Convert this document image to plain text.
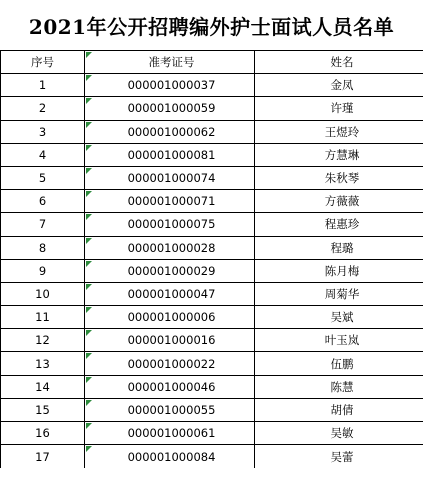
2021年公开招聘编外护士面试人员名单
序号	准考证号	姓名
1	000001000037	金凤
2	000001000059	许瑾
3	000001000062	王煜玲
4	000001000081	方慧琳
5	000001000074	朱秋琴
6	000001000071	方薇薇
7	000001000075	程惠珍
8	000001000028	程璐
9	000001000029	陈月梅
10	000001000047	周菊华
11	000001000006	吴斌
12	000001000016	叶玉岚
13	000001000022	伍鹏
14	000001000046	陈慧
15	000001000055	胡倩
16	000001000061	吴敏
17	000001000084	吴蕾
